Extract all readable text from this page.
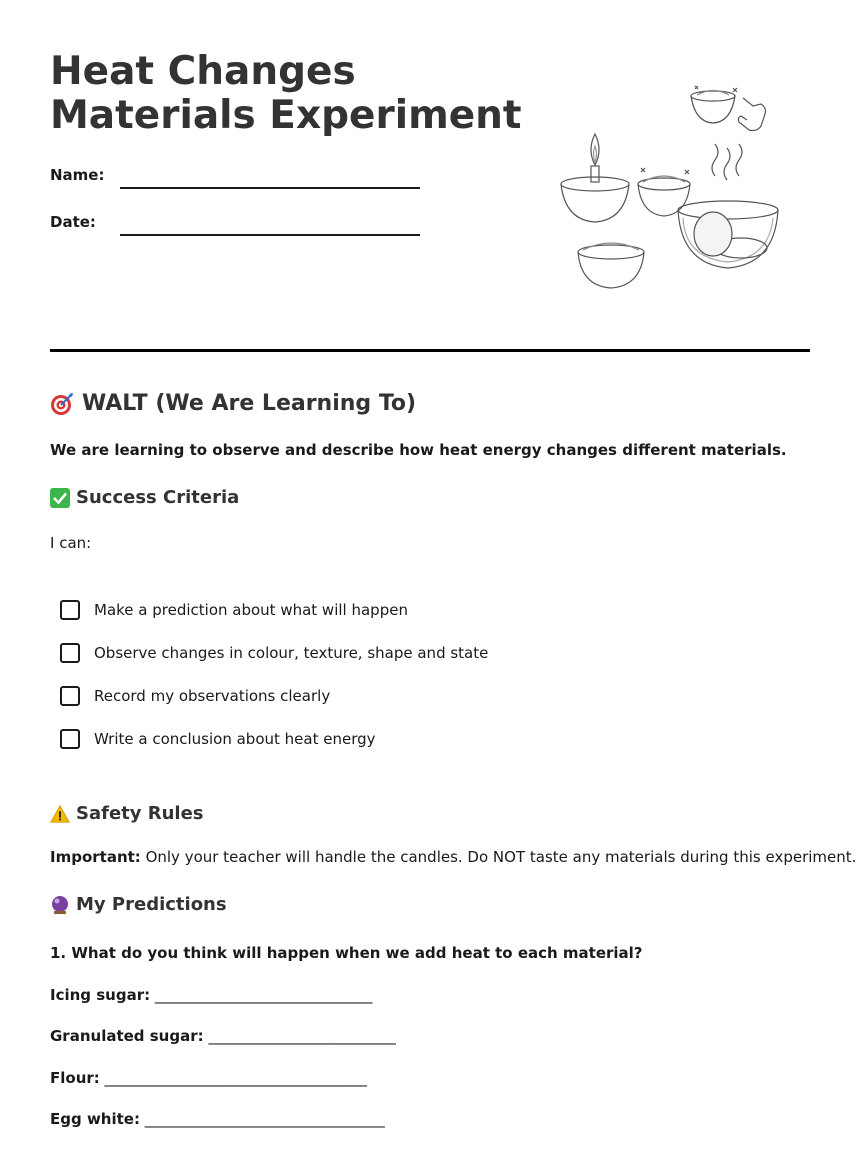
Heat Changes Materials Experiment
Name:
Date:
WALT (We Are Learning To)

We are learning to observe and describe how heat energy changes different materials.

Success Criteria

I can:

Make a prediction about what will happen
Observe changes in colour, texture, shape and state
Record my observations clearly
Write a conclusion about heat energy
Safety Rules

Important: Only your teacher will handle the candles. Do NOT taste any materials during this experiment.

My Predictions

1. What do you think will happen when we add heat to each material?

Icing sugar: _____________________________
Granulated sugar: _________________________
Flour: ___________________________________
Egg white: ________________________________
